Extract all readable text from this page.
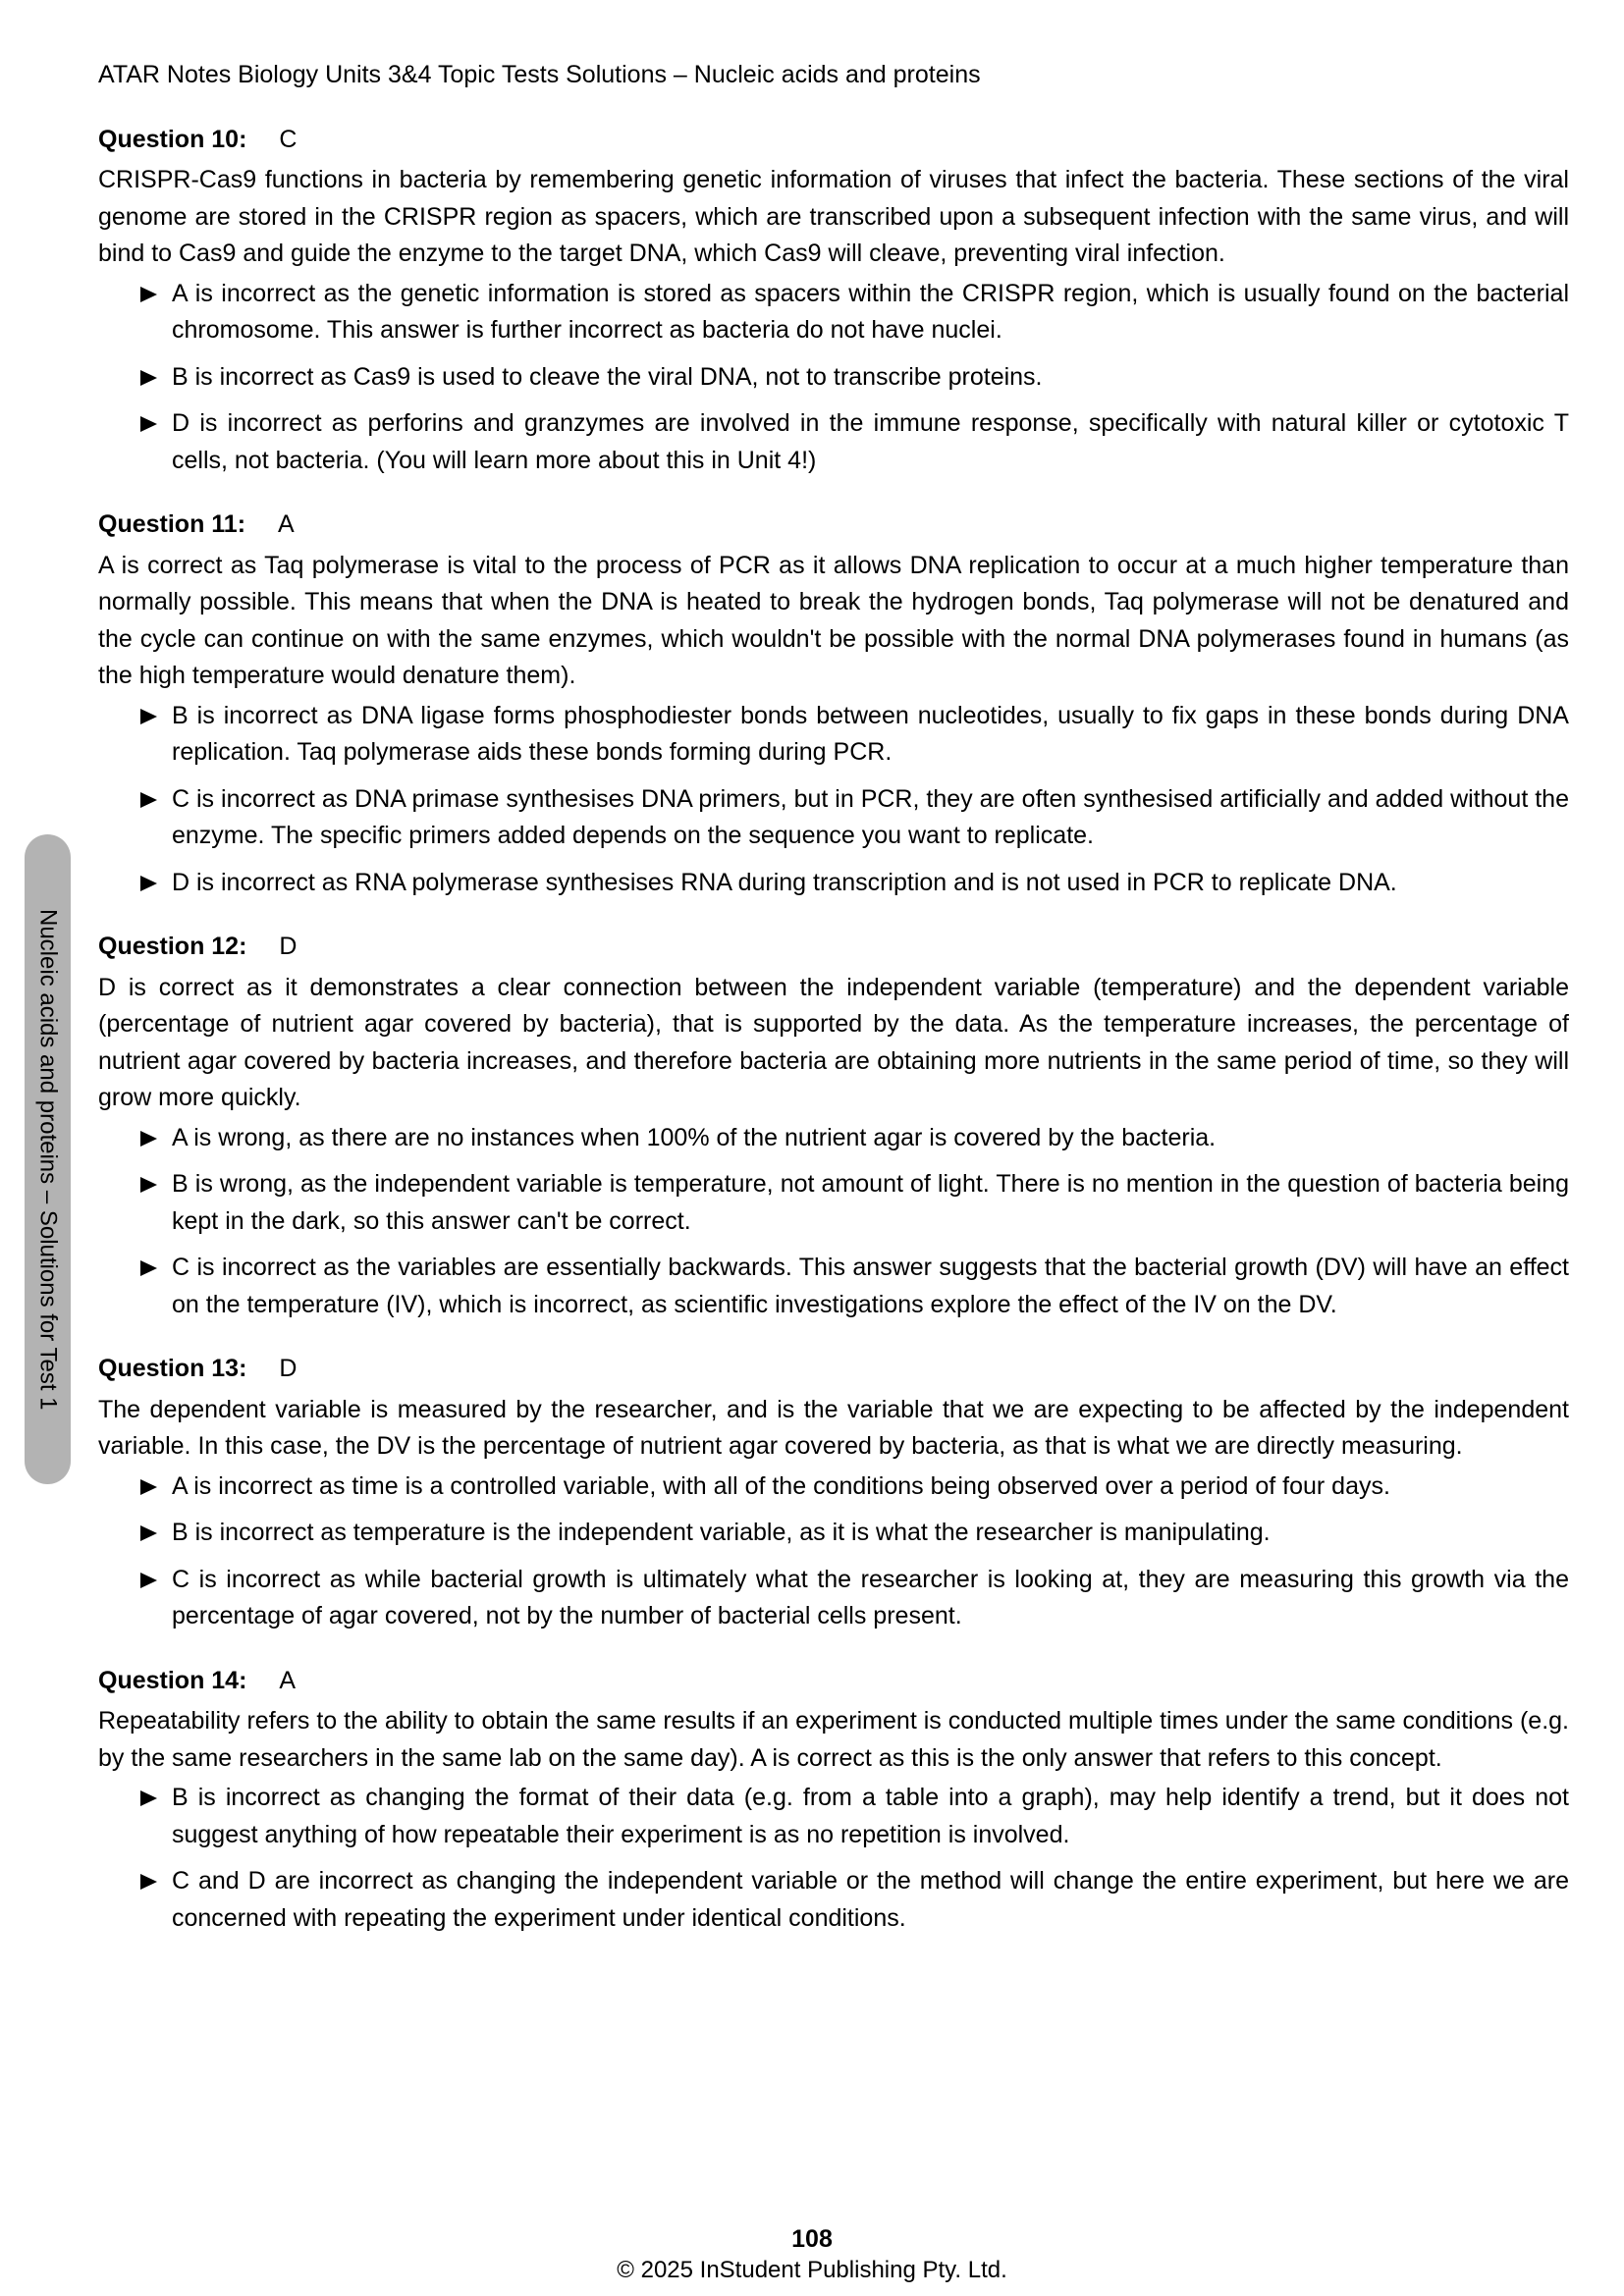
Nucleic acids and proteins – Solutions for Test 1
ATAR Notes Biology Units 3&4 Topic Tests Solutions – Nucleic acids and proteins
Question 10: C
CRISPR-Cas9 functions in bacteria by remembering genetic information of viruses that infect the bacteria. These sections of the viral genome are stored in the CRISPR region as spacers, which are transcribed upon a subsequent infection with the same virus, and will bind to Cas9 and guide the enzyme to the target DNA, which Cas9 will cleave, preventing viral infection.
A is incorrect as the genetic information is stored as spacers within the CRISPR region, which is usually found on the bacterial chromosome. This answer is further incorrect as bacteria do not have nuclei.
B is incorrect as Cas9 is used to cleave the viral DNA, not to transcribe proteins.
D is incorrect as perforins and granzymes are involved in the immune response, specifically with natural killer or cytotoxic T cells, not bacteria. (You will learn more about this in Unit 4!)
Question 11: A
A is correct as Taq polymerase is vital to the process of PCR as it allows DNA replication to occur at a much higher temperature than normally possible. This means that when the DNA is heated to break the hydrogen bonds, Taq polymerase will not be denatured and the cycle can continue on with the same enzymes, which wouldn't be possible with the normal DNA polymerases found in humans (as the high temperature would denature them).
B is incorrect as DNA ligase forms phosphodiester bonds between nucleotides, usually to fix gaps in these bonds during DNA replication. Taq polymerase aids these bonds forming during PCR.
C is incorrect as DNA primase synthesises DNA primers, but in PCR, they are often synthesised artificially and added without the enzyme. The specific primers added depends on the sequence you want to replicate.
D is incorrect as RNA polymerase synthesises RNA during transcription and is not used in PCR to replicate DNA.
Question 12: D
D is correct as it demonstrates a clear connection between the independent variable (temperature) and the dependent variable (percentage of nutrient agar covered by bacteria), that is supported by the data. As the temperature increases, the percentage of nutrient agar covered by bacteria increases, and therefore bacteria are obtaining more nutrients in the same period of time, so they will grow more quickly.
A is wrong, as there are no instances when 100% of the nutrient agar is covered by the bacteria.
B is wrong, as the independent variable is temperature, not amount of light. There is no mention in the question of bacteria being kept in the dark, so this answer can't be correct.
C is incorrect as the variables are essentially backwards. This answer suggests that the bacterial growth (DV) will have an effect on the temperature (IV), which is incorrect, as scientific investigations explore the effect of the IV on the DV.
Question 13: D
The dependent variable is measured by the researcher, and is the variable that we are expecting to be affected by the independent variable. In this case, the DV is the percentage of nutrient agar covered by bacteria, as that is what we are directly measuring.
A is incorrect as time is a controlled variable, with all of the conditions being observed over a period of four days.
B is incorrect as temperature is the independent variable, as it is what the researcher is manipulating.
C is incorrect as while bacterial growth is ultimately what the researcher is looking at, they are measuring this growth via the percentage of agar covered, not by the number of bacterial cells present.
Question 14: A
Repeatability refers to the ability to obtain the same results if an experiment is conducted multiple times under the same conditions (e.g. by the same researchers in the same lab on the same day). A is correct as this is the only answer that refers to this concept.
B is incorrect as changing the format of their data (e.g. from a table into a graph), may help identify a trend, but it does not suggest anything of how repeatable their experiment is as no repetition is involved.
C and D are incorrect as changing the independent variable or the method will change the entire experiment, but here we are concerned with repeating the experiment under identical conditions.
108
© 2025 InStudent Publishing Pty. Ltd.
